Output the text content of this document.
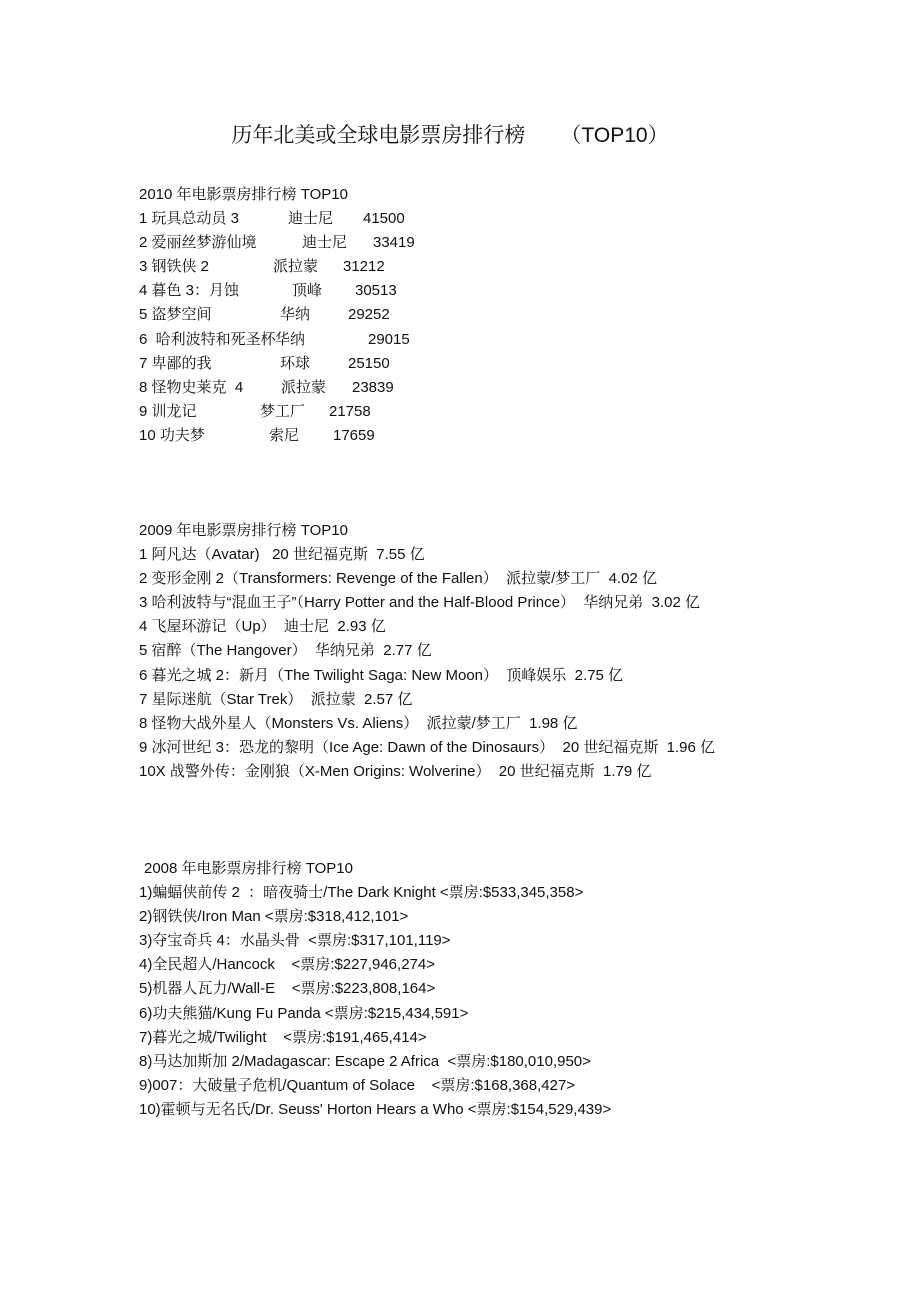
历年北美或全球电影票房排行榜      （TOP10）
2010 年电影票房排行榜 TOP10
1 玩具总动员 3	迪士尼 41500
2 爱丽丝梦游仙境	迪士尼 33419
3 钢铁侠 2	派拉蒙 31212
4 暮色 3：月蚀	顶峰 30513
5 盗梦空间	华纳	29252
6  哈利波特和死圣杯 华纳	29015
7 卑鄙的我	环球	25150
8 怪物史莱克  4	派拉蒙 23839
9 训龙记	梦工厂 21758
10 功夫梦	索尼 17659
2009 年电影票房排行榜 TOP10
1 阿凡达（Avatar)   20 世纪福克斯  7.55 亿
2 变形金刚 2（Transformers: Revenge of the Fallen）  派拉蒙/梦工厂  4.02 亿
3 哈利波特与“混血王子”（Harry Potter and the Half-Blood Prince）  华纳兄弟  3.02 亿
4 飞屋环游记（Up）  迪士尼  2.93 亿
5 宿醉（The Hangover）  华纳兄弟  2.77 亿
6 暮光之城 2：新月（The Twilight Saga: New Moon）  顶峰娱乐  2.75 亿
7 星际迷航（Star Trek）  派拉蒙  2.57 亿
8 怪物大战外星人（Monsters Vs. Aliens）  派拉蒙/梦工厂  1.98 亿
9 冰河世纪 3：恐龙的黎明（Ice Age: Dawn of the Dinosaurs）  20 世纪福克斯  1.96 亿
10X 战警外传：金刚狼（X-Men Origins: Wolverine）  20 世纪福克斯  1.79 亿
2008 年电影票房排行榜 TOP10
1)蝙蝠侠前传 2  ：暗夜骑士/The Dark Knight <票房:$533,345,358>
2)钢铁侠/Iron Man <票房:$318,412,101>
3)夺宝奇兵 4：水晶头骨  <票房:$317,101,119>
4)全民超人/Hancock    <票房:$227,946,274>
5)机器人瓦力/Wall-E    <票房:$223,808,164>
6)功夫熊猫/Kung Fu Panda <票房:$215,434,591>
7)暮光之城/Twilight    <票房:$191,465,414>
8)马达加斯加 2/Madagascar: Escape 2 Africa  <票房:$180,010,950>
9)007：大破量子危机/Quantum of Solace    <票房:$168,368,427>
10)霍顿与无名氏/Dr. Seuss' Horton Hears a Who <票房:$154,529,439>
